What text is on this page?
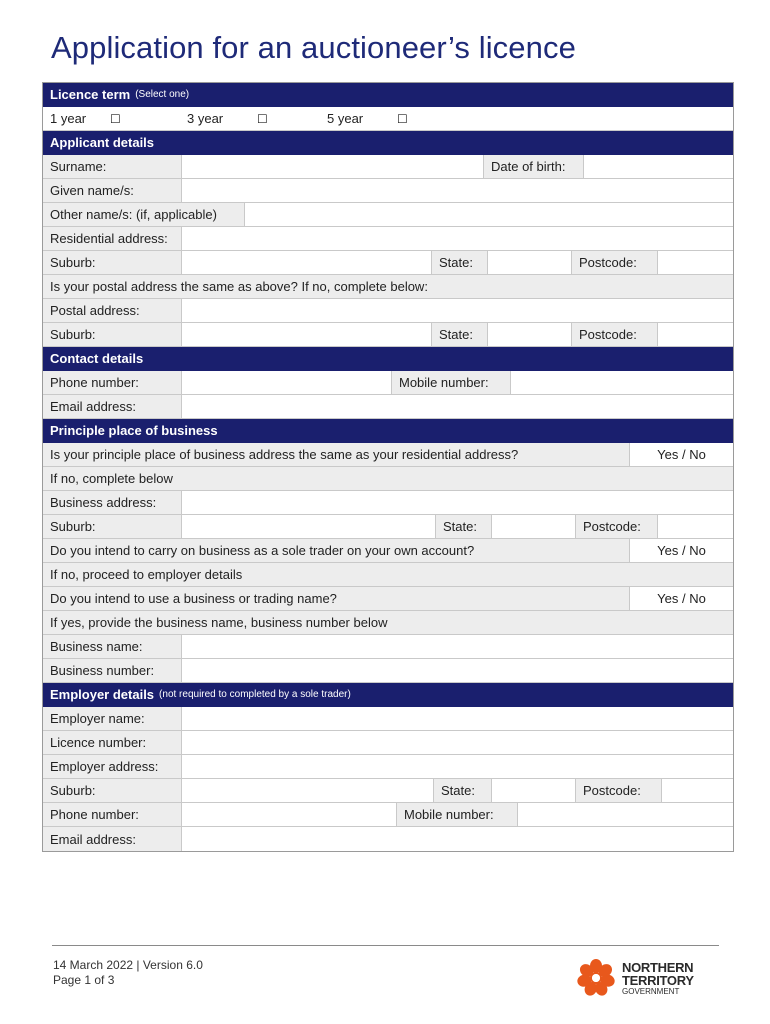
Application for an auctioneer’s licence
Licence term (Select one)
1 year	☐	3 year	☐	5 year	☐
Applicant details
Surname:	Date of birth:
Given name/s:
Other name/s: (if, applicable)
Residential address:
Suburb:	State:	Postcode:
Is your postal address the same as above? If no, complete below:
Postal address:
Suburb:	State:	Postcode:
Contact details
Phone number:	Mobile number:
Email address:
Principle place of business
Is your principle place of business address the same as your residential address?	Yes / No
If no, complete below
Business address:
Suburb:	State:	Postcode:
Do you intend to carry on business as a sole trader on your own account?	Yes / No
If no, proceed to employer details
Do you intend to use a business or trading name?	Yes / No
If yes, provide the business name, business number below
Business name:
Business number:
Employer details (not required to completed by a sole trader)
Employer name:
Licence number:
Employer address:
Suburb:	State:	Postcode:
Phone number:	Mobile number:
Email address:
14 March 2022 | Version 6.0
Page 1 of 3
NORTHERN
TERRITORY
GOVERNMENT
